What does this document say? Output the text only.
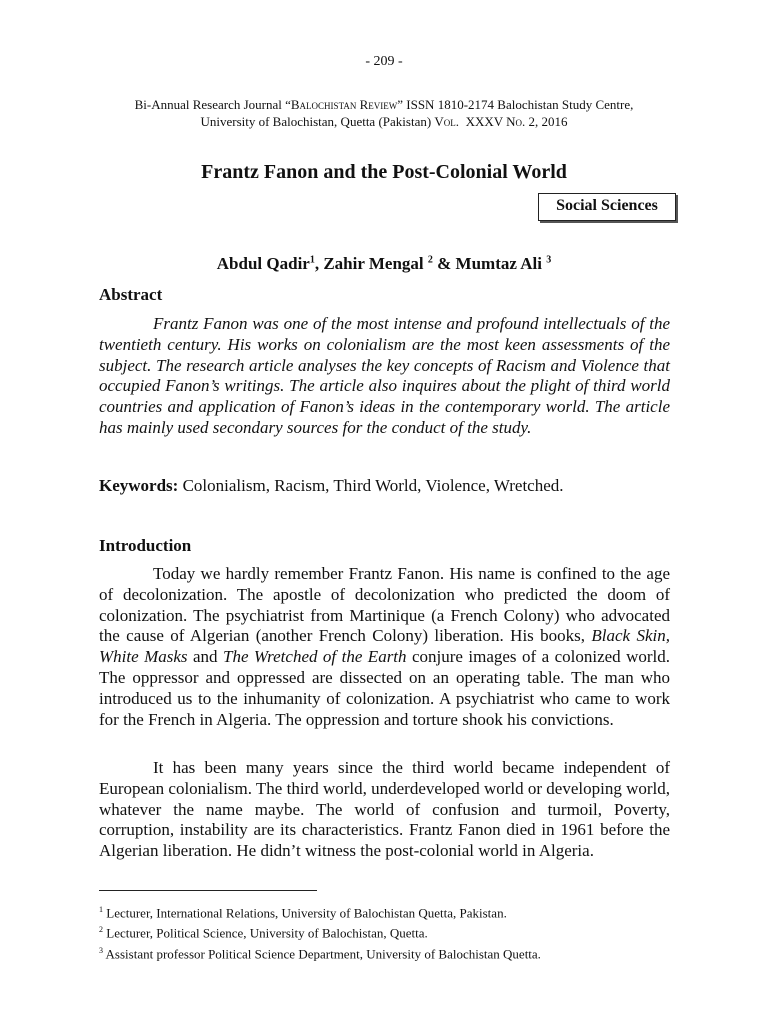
- 209 -
Bi-Annual Research Journal “Balochistan Review” ISSN 1810-2174 Balochistan Study Centre,
University of Balochistan, Quetta (Pakistan) Vol.  XXXV No. 2, 2016
Frantz Fanon and the Post-Colonial World
Social Sciences
Abdul Qadir$^1$, Zahir Mengal $^2$ & Mumtaz Ali $^3$
Abstract

Frantz Fanon was one of the most intense and profound intellectuals of the twentieth century. His works on colonialism are the most keen assessments of the subject. The research article analyses the key concepts of Racism and Violence that occupied Fanon’s writings. The article also inquires about the plight of third world countries and application of Fanon’s ideas in the contemporary world. The article has mainly used secondary sources for the conduct of the study.

Keywords: Colonialism, Racism, Third World, Violence, Wretched.
Introduction

Today we hardly remember Frantz Fanon. His name is confined to the age of decolonization. The apostle of decolonization who predicted the doom of colonization. The psychiatrist from Martinique (a French Colony) who advocated the cause of Algerian (another French Colony) liberation. His books, Black Skin, White Masks and The Wretched of the Earth conjure images of a colonized world. The oppressor and oppressed are dissected on an operating table. The man who introduced us to the inhumanity of colonization. A psychiatrist who came to work for the French in Algeria. The oppression and torture shook his convictions.

It has been many years since the third world became independent of European colonialism. The third world, underdeveloped world or developing world, whatever the name maybe. The world of confusion and turmoil, Poverty, corruption, instability are its characteristics. Frantz Fanon died in 1961 before the Algerian liberation. He didn’t witness the post-colonial world in Algeria.

$^1$ Lecturer, International Relations, University of Balochistan Quetta, Pakistan.
$^2$ Lecturer, Political Science, University of Balochistan, Quetta.
$^3$ Assistant professor Political Science Department, University of Balochistan Quetta.
